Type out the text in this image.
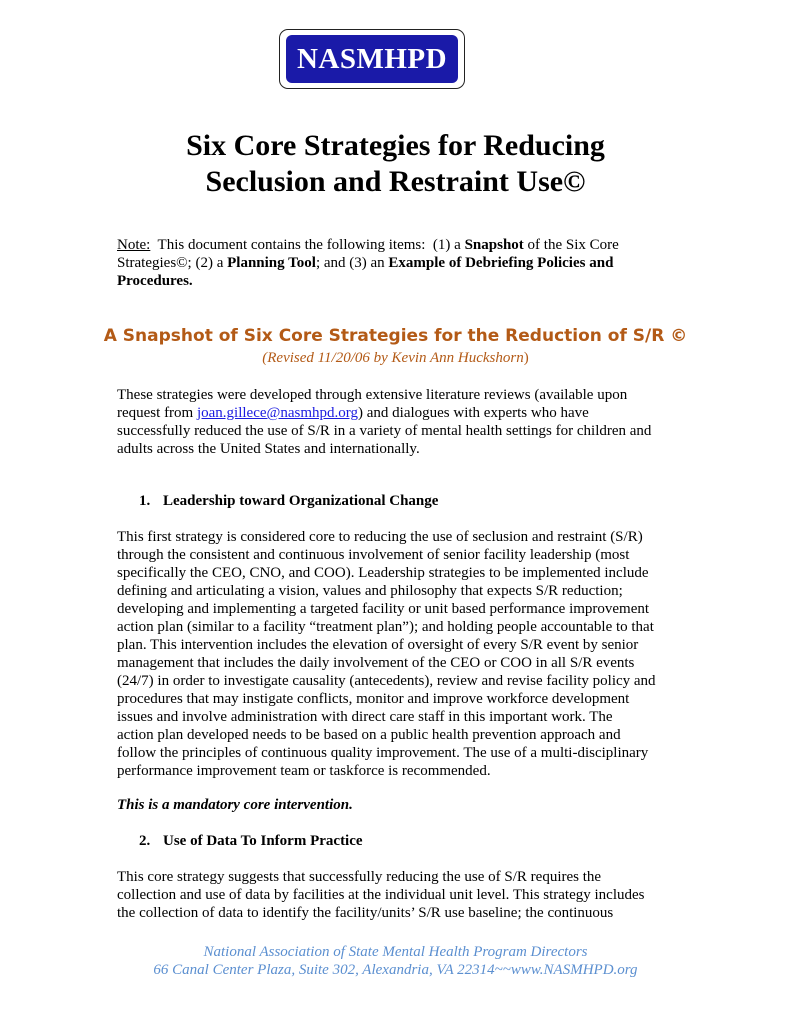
NASMHPD
Six Core Strategies for Reducing
Seclusion and Restraint Use©
Note:  This document contains the following items:  (1) a Snapshot of the Six Core
Strategies©; (2) a Planning Tool; and (3) an Example of Debriefing Policies and
Procedures.
A Snapshot of Six Core Strategies for the Reduction of S/R ©
(Revised 11/20/06 by Kevin Ann Huckshorn)
These strategies were developed through extensive literature reviews (available upon
request from joan.gillece@nasmhpd.org) and dialogues with experts who have
successfully reduced the use of S/R in a variety of mental health settings for children and
adults across the United States and internationally.
1. Leadership toward Organizational Change
This first strategy is considered core to reducing the use of seclusion and restraint (S/R)
through the consistent and continuous involvement of senior facility leadership (most
specifically the CEO, CNO, and COO). Leadership strategies to be implemented include
defining and articulating a vision, values and philosophy that expects S/R reduction;
developing and implementing a targeted facility or unit based performance improvement
action plan (similar to a facility “treatment plan”); and holding people accountable to that
plan. This intervention includes the elevation of oversight of every S/R event by senior
management that includes the daily involvement of the CEO or COO in all S/R events
(24/7) in order to investigate causality (antecedents), review and revise facility policy and
procedures that may instigate conflicts, monitor and improve workforce development
issues and involve administration with direct care staff in this important work. The
action plan developed needs to be based on a public health prevention approach and
follow the principles of continuous quality improvement. The use of a multi-disciplinary
performance improvement team or taskforce is recommended.
This is a mandatory core intervention.
2. Use of Data To Inform Practice
This core strategy suggests that successfully reducing the use of S/R requires the
collection and use of data by facilities at the individual unit level. This strategy includes
the collection of data to identify the facility/units’ S/R use baseline; the continuous
National Association of State Mental Health Program Directors
66 Canal Center Plaza, Suite 302, Alexandria, VA 22314~~www.NASMHPD.org
